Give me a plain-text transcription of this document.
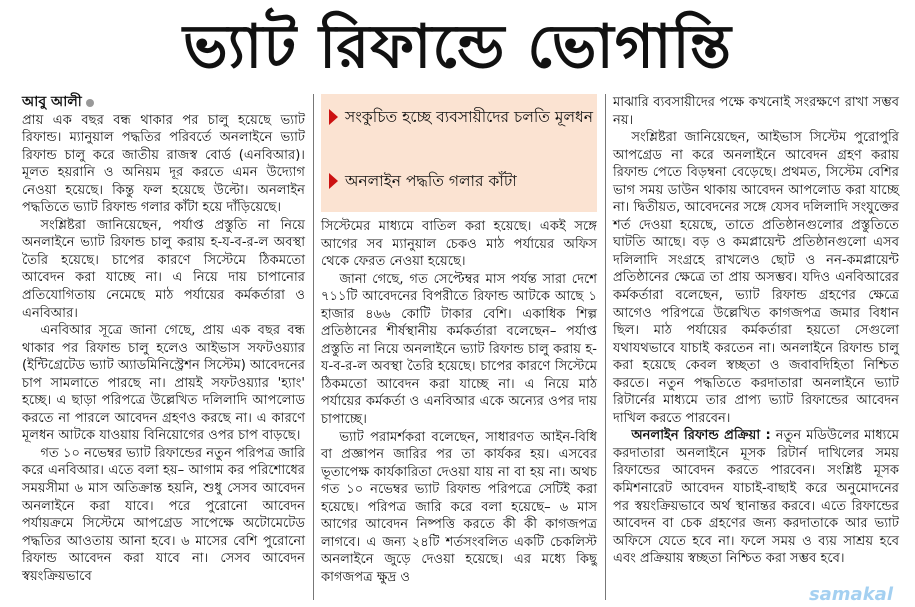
ভ্যাট রিফান্ডে ভোগান্তি

আবু আলী

প্রায় এক বছর বন্ধ থাকার পর চালু হয়েছে ভ্যাট রিফান্ড। ম্যানুয়াল পদ্ধতির পরিবর্তে অনলাইনে ভ্যাট রিফান্ড চালু করে জাতীয় রাজস্ব বোর্ড (এনবিআর)। মূলত হয়রানি ও অনিয়ম দূর করতে এমন উদ্যোগ নেওয়া হয়েছে। কিন্তু ফল হয়েছে উল্টো। অনলাইন পদ্ধতিতে ভ্যাট রিফান্ড গলার কাঁটা হয়ে দাঁড়িয়েছে।

সংশ্লিষ্টরা জানিয়েছেন, পর্যাপ্ত প্রস্তুতি না নিয়ে অনলাইনে ভ্যাট রিফান্ড চালু করায় হ-য-ব-র-ল অবস্থা তৈরি হয়েছে। চাপের কারণে সিস্টেমে ঠিকমতো আবেদন করা যাচ্ছে না। এ নিয়ে দায় চাপানোর প্রতিযোগিতায় নেমেছে মাঠ পর্যায়ের কর্মকর্তারা ও এনবিআর।

এনবিআর সূত্রে জানা গেছে, প্রায় এক বছর বন্ধ থাকার পর রিফান্ড চালু হলেও আইভাস সফটওয়্যার (ইন্টিগ্রেটেড ভ্যাট অ্যাডমিনিস্ট্রেশন সিস্টেম) আবেদনের চাপ সামলাতে পারছে না। প্রায়ই সফটওয়্যার 'হ্যাং' হচ্ছে। এ ছাড়া পরিপত্রে উল্লেখিত দলিলাদি আপলোড করতে না পারলে আবেদন গ্রহণও করছে না। এ কারণে মূলধন আটকে যাওয়ায় বিনিয়োগের ওপর চাপ বাড়ছে।

গত ১০ নভেম্বর ভ্যাট রিফান্ডের নতুন পরিপত্র জারি করে এনবিআর। এতে বলা হয়– আগাম কর পরিশোধের সময়সীমা ৬ মাস অতিক্রান্ত হয়নি, শুধু সেসব আবেদন অনলাইনে করা যাবে। পরে পুরোনো আবেদন পর্যায়ক্রমে সিস্টেমে আপগ্রেড সাপেক্ষে অটোমেটেড পদ্ধতির আওতায় আনা হবে। ৬ মাসের বেশি পুরোনো রিফান্ড আবেদন করা যাবে না। সেসব আবেদন স্বয়ংক্রিয়ভাবে

সংকুচিত হচ্ছে ব্যবসায়ীদের চলতি মূলধন
অনলাইন পদ্ধতি গলার কাঁটা

সিস্টেমের মাধ্যমে বাতিল করা হয়েছে। একই সঙ্গে আগের সব ম্যানুয়াল চেকও মাঠ পর্যায়ের অফিস থেকে ফেরত নেওয়া হয়েছে।

জানা গেছে, গত সেপ্টেম্বর মাস পর্যন্ত সারা দেশে ৭১১টি আবেদনের বিপরীতে রিফান্ড আটকে আছে ১ হাজার ৪৬৬ কোটি টাকার বেশি। একাধিক শিল্প প্রতিষ্ঠানের শীর্ষস্থানীয় কর্মকর্তারা বলেছেন– পর্যাপ্ত প্রস্তুতি না নিয়ে অনলাইনে ভ্যাট রিফান্ড চালু করায় হ-য-ব-র-ল অবস্থা তৈরি হয়েছে। চাপের কারণে সিস্টেমে ঠিকমতো আবেদন করা যাচ্ছে না। এ নিয়ে মাঠ পর্যায়ের কর্মকর্তা ও এনবিআর একে অন্যের ওপর দায় চাপাচ্ছে।

ভ্যাট পরামর্শকরা বলেছেন, সাধারণত আইন-বিধি বা প্রজ্ঞাপন জারির পর তা কার্যকর হয়। এসবের ভূতাপেক্ষ কার্যকারিতা দেওয়া যায় না বা হয় না। অথচ গত ১০ নভেম্বর ভ্যাট রিফান্ড পরিপত্রে সেটিই করা হয়েছে। পরিপত্র জারি করে বলা হয়েছে– ৬ মাস আগের আবেদন নিষ্পত্তি করতে কী কী কাগজপত্র লাগবে। এ জন্য ২৪টি শর্তসংবলিত একটি চেকলিস্ট অনলাইনে জুড়ে দেওয়া হয়েছে। এর মধ্যে কিছু কাগজপত্র ক্ষুদ্র ও

মাঝারি ব্যবসায়ীদের পক্ষে কখনোই সংরক্ষণে রাখা সম্ভব নয়।

সংশ্লিষ্টরা জানিয়েছেন, আইভাস সিস্টেম পুরোপুরি আপগ্রেড না করে অনলাইনে আবেদন গ্রহণ করায় রিফান্ড পেতে বিড়ম্বনা বেড়েছে। প্রথমত, সিস্টেম বেশির ভাগ সময় ডাউন থাকায় আবেদন আপলোড করা যাচ্ছে না। দ্বিতীয়ত, আবেদনের সঙ্গে যেসব দলিলাদি সংযুক্তের শর্ত দেওয়া হয়েছে, তাতে প্রতিষ্ঠানগুলোর প্রস্তুতিতে ঘাটতি আছে। বড় ও কমপ্লায়েন্ট প্রতিষ্ঠানগুলো এসব দলিলাদি সংগ্রহে রাখলেও ছোট ও নন-কমপ্লায়েন্ট প্রতিষ্ঠানের ক্ষেত্রে তা প্রায় অসম্ভব। যদিও এনবিআরের কর্মকর্তারা বলেছেন, ভ্যাট রিফান্ড গ্রহণের ক্ষেত্রে আগেও পরিপত্রে উল্লেখিত কাগজপত্র জমার বিধান ছিল। মাঠ পর্যায়ের কর্মকর্তারা হয়তো সেগুলো যথাযথভাবে যাচাই করতেন না। অনলাইনে রিফান্ড চালু করা হয়েছে কেবল স্বচ্ছতা ও জবাবদিহিতা নিশ্চিত করতে। নতুন পদ্ধতিতে করদাতারা অনলাইনে ভ্যাট রিটার্নের মাধ্যমে তার প্রাপ্য ভ্যাট রিফান্ডের আবেদন দাখিল করতে পারবেন।

অনলাইন রিফান্ড প্রক্রিয়া : নতুন মডিউলের মাধ্যমে করদাতারা অনলাইনে মূসক রিটার্ন দাখিলের সময় রিফান্ডের আবেদন করতে পারবেন। সংশ্লিষ্ট মূসক কমিশনারেট আবেদন যাচাই-বাছাই করে অনুমোদনের পর স্বয়ংক্রিয়ভাবে অর্থ স্থানান্তর করবে। এতে রিফান্ডের আবেদন বা চেক গ্রহণের জন্য করদাতাকে আর ভ্যাট অফিসে যেতে হবে না। ফলে সময় ও ব্যয় সাশ্রয় হবে এবং প্রক্রিয়ায় স্বচ্ছতা নিশ্চিত করা সম্ভব হবে।

samakal
